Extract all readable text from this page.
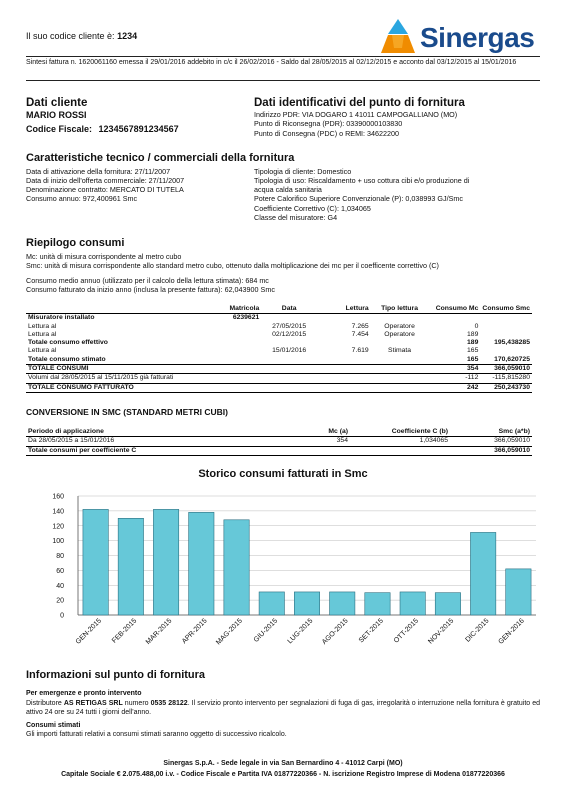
Il suo codice cliente è: 1234	Sinergas
Sintesi fattura n. 1620061160 emessa il 29/01/2016 addebito in c/c il 26/02/2016 - Saldo dal 28/05/2015 al 02/12/2015 e acconto dal 03/12/2015 al 15/01/2016
Dati cliente
MARIO ROSSI
Codice Fiscale: 1234567891234567
Dati identificativi del punto di fornitura
Indirizzo PDR: VIA DOGARO 1 41011 CAMPOGALLIANO (MO)
Punto di Riconsegna (PDR): 03390000103830
Punto di Consegna (PDC) o REMI: 34622200
Caratteristiche tecnico / commerciali della fornitura
Data di attivazione della fornitura: 27/11/2007
Data di inizio dell'offerta commerciale: 27/11/2007
Denominazione contratto: MERCATO DI TUTELA
Consumo annuo: 972,400961 Smc
Tipologia di cliente: Domestico
Tipologia di uso: Riscaldamento + uso cottura cibi e/o produzione di
acqua calda sanitaria
Potere Calorifico Superiore Convenzionale (P): 0,038993 GJ/Smc
Coefficiente Correttivo (C): 1,034065
Classe del misuratore: G4
Riepilogo consumi
Mc: unità di misura corrispondente al metro cubo
Smc: unità di misura corrispondente allo standard metro cubo, ottenuto dalla moltiplicazione dei mc per il coefficente correttivo (C)
Consumo medio annuo (utilizzato per il calcolo della lettura stimata): 684 mc
Consumo fatturato da inizio anno (inclusa la presente fattura): 62,043900 Smc
	Matricola	Data	Lettura	Tipo lettura	Consumo Mc	Consumo Smc
Misuratore installato	6239621					
Lettura al		27/05/2015	7.265	Operatore	0	
Lettura al		02/12/2015	7.454	Operatore	189	
Totale consumo effettivo					189	195,438285
Lettura al		15/01/2016	7.619	Stimata	165	
Totale consumo stimato					165	170,620725
TOTALE CONSUMI					354	366,059010
Volumi dal 28/05/2015 al 15/11/2015 già fatturati					-112	-115,815280
TOTALE CONSUMO FATTURATO					242	250,243730
CONVERSIONE IN SMC (STANDARD METRI CUBI)
Periodo di applicazione	Mc (a)	Coefficiente C (b)	Smc (a*b)
Da 28/05/2015 a 15/01/2016	354	1,034065	366,059010
Totale consumi per coefficiente C			366,059010
Storico consumi fatturati in Smc
0
20
40
60
80
100
120
140
160
GEN-2015 FEB-2015 MAR-2015 APR-2015 MAG-2015 GIU-2015 LUG-2015 AGO-2015 SET-2015 OTT-2015 NOV-2015 DIC-2015 GEN-2016
Informazioni sul punto di fornitura
Per emergenze e pronto intervento
Distributore AS RETIGAS SRL numero 0535 28122. Il servizio pronto intervento per segnalazioni di fuga di gas, irregolarità o interruzione nella fornitura è gratuito ed attivo 24 ore su 24 tutti i giorni dell'anno.
Consumi stimati
Gli importi fatturati relativi a consumi stimati saranno oggetto di successivo ricalcolo.
Sinergas S.p.A. - Sede legale in via San Bernardino 4 - 41012 Carpi (MO)
Capitale Sociale € 2.075.488,00 i.v. - Codice Fiscale e Partita IVA 01877220366 - N. iscrizione Registro Imprese di Modena 01877220366
